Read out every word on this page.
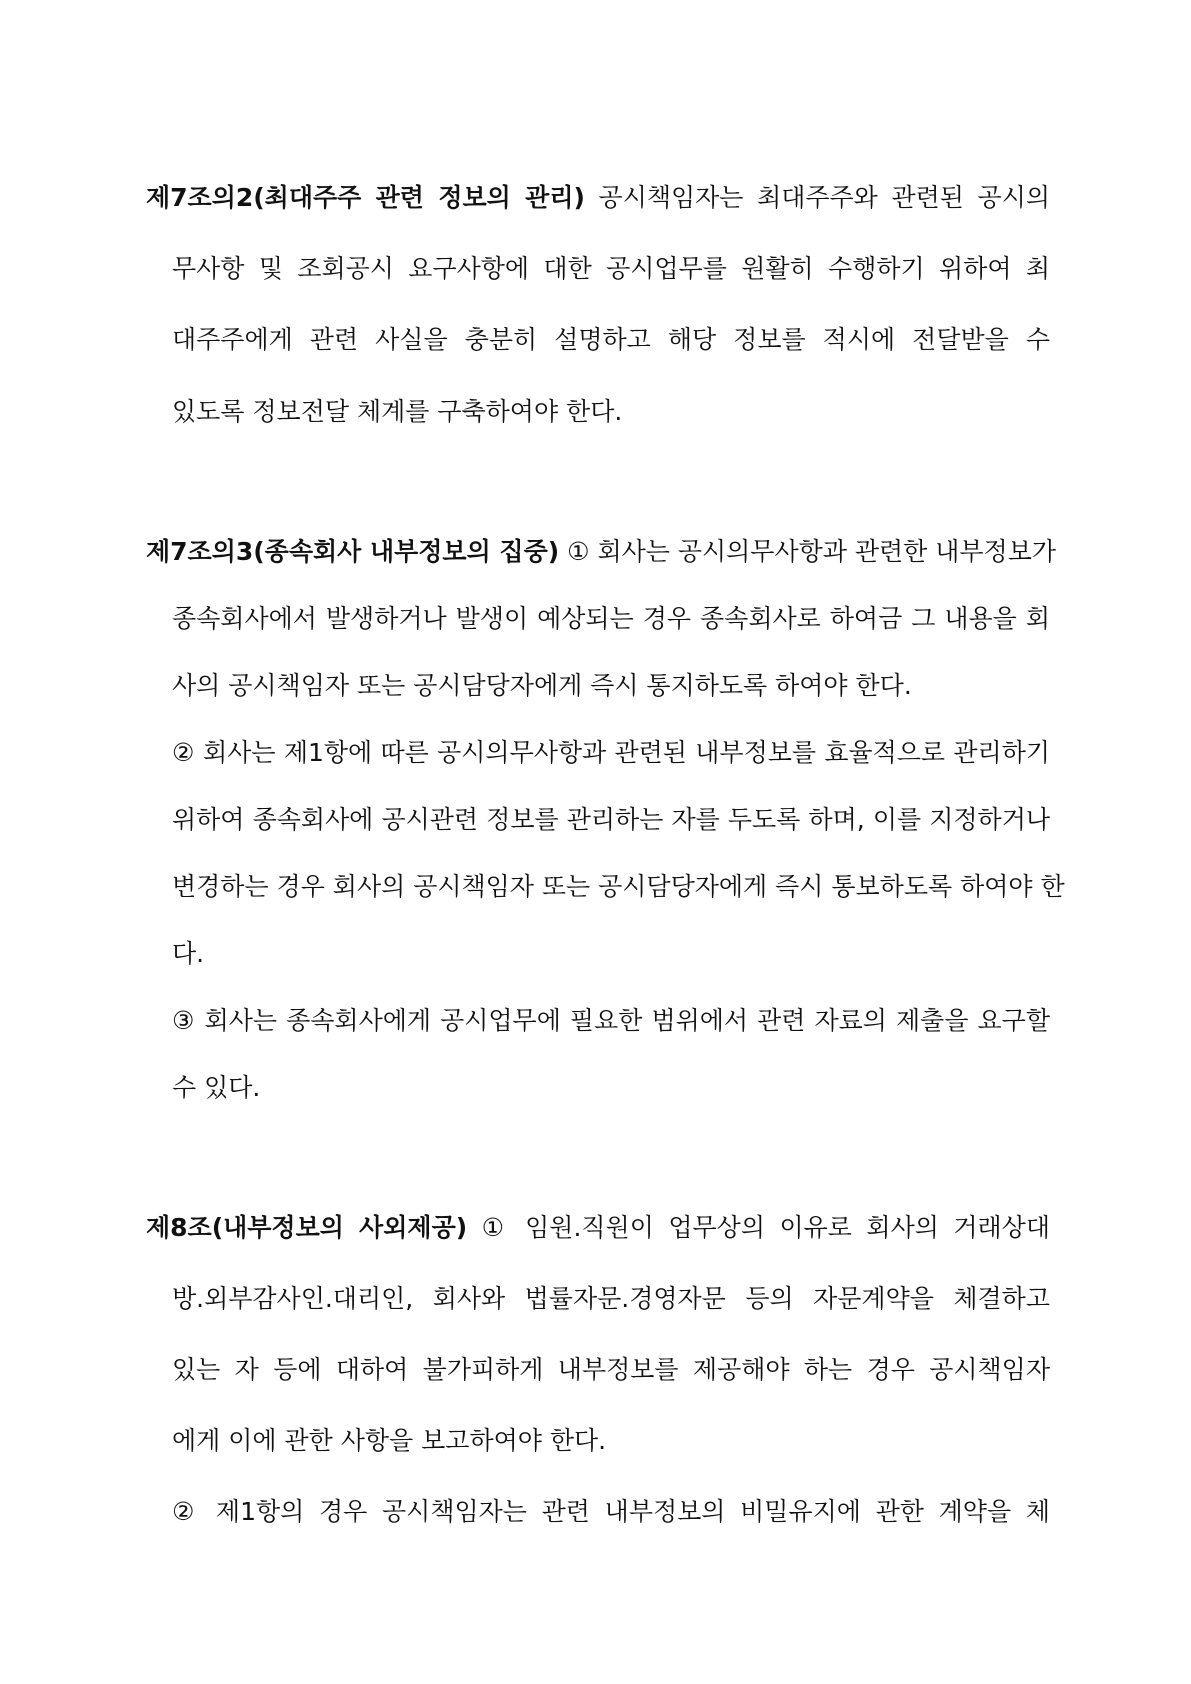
제7조의2(최대주주 관련 정보의 관리) 공시책임자는 최대주주와 관련된 공시의
무사항 및 조회공시 요구사항에 대한 공시업무를 원활히 수행하기 위하여 최
대주주에게 관련 사실을 충분히 설명하고 해당 정보를 적시에 전달받을 수
있도록 정보전달 체계를 구축하여야 한다.
제7조의3(종속회사 내부정보의 집중) ① 회사는 공시의무사항과 관련한 내부정보가
종속회사에서 발생하거나 발생이 예상되는 경우 종속회사로 하여금 그 내용을 회
사의 공시책임자 또는 공시담당자에게 즉시 통지하도록 하여야 한다.
② 회사는 제1항에 따른 공시의무사항과 관련된 내부정보를 효율적으로 관리하기
위하여 종속회사에 공시관련 정보를 관리하는 자를 두도록 하며, 이를 지정하거나
변경하는 경우 회사의 공시책임자 또는 공시담당자에게 즉시 통보하도록 하여야 한
다.
③ 회사는 종속회사에게 공시업무에 필요한 범위에서 관련 자료의 제출을 요구할
수 있다.
제8조(내부정보의 사외제공) ① 임원.직원이 업무상의 이유로 회사의 거래상대
방.외부감사인.대리인, 회사와 법률자문.경영자문 등의 자문계약을 체결하고
있는 자 등에 대하여 불가피하게 내부정보를 제공해야 하는 경우 공시책임자
에게 이에 관한 사항을 보고하여야 한다.
② 제1항의 경우 공시책임자는 관련 내부정보의 비밀유지에 관한 계약을 체
